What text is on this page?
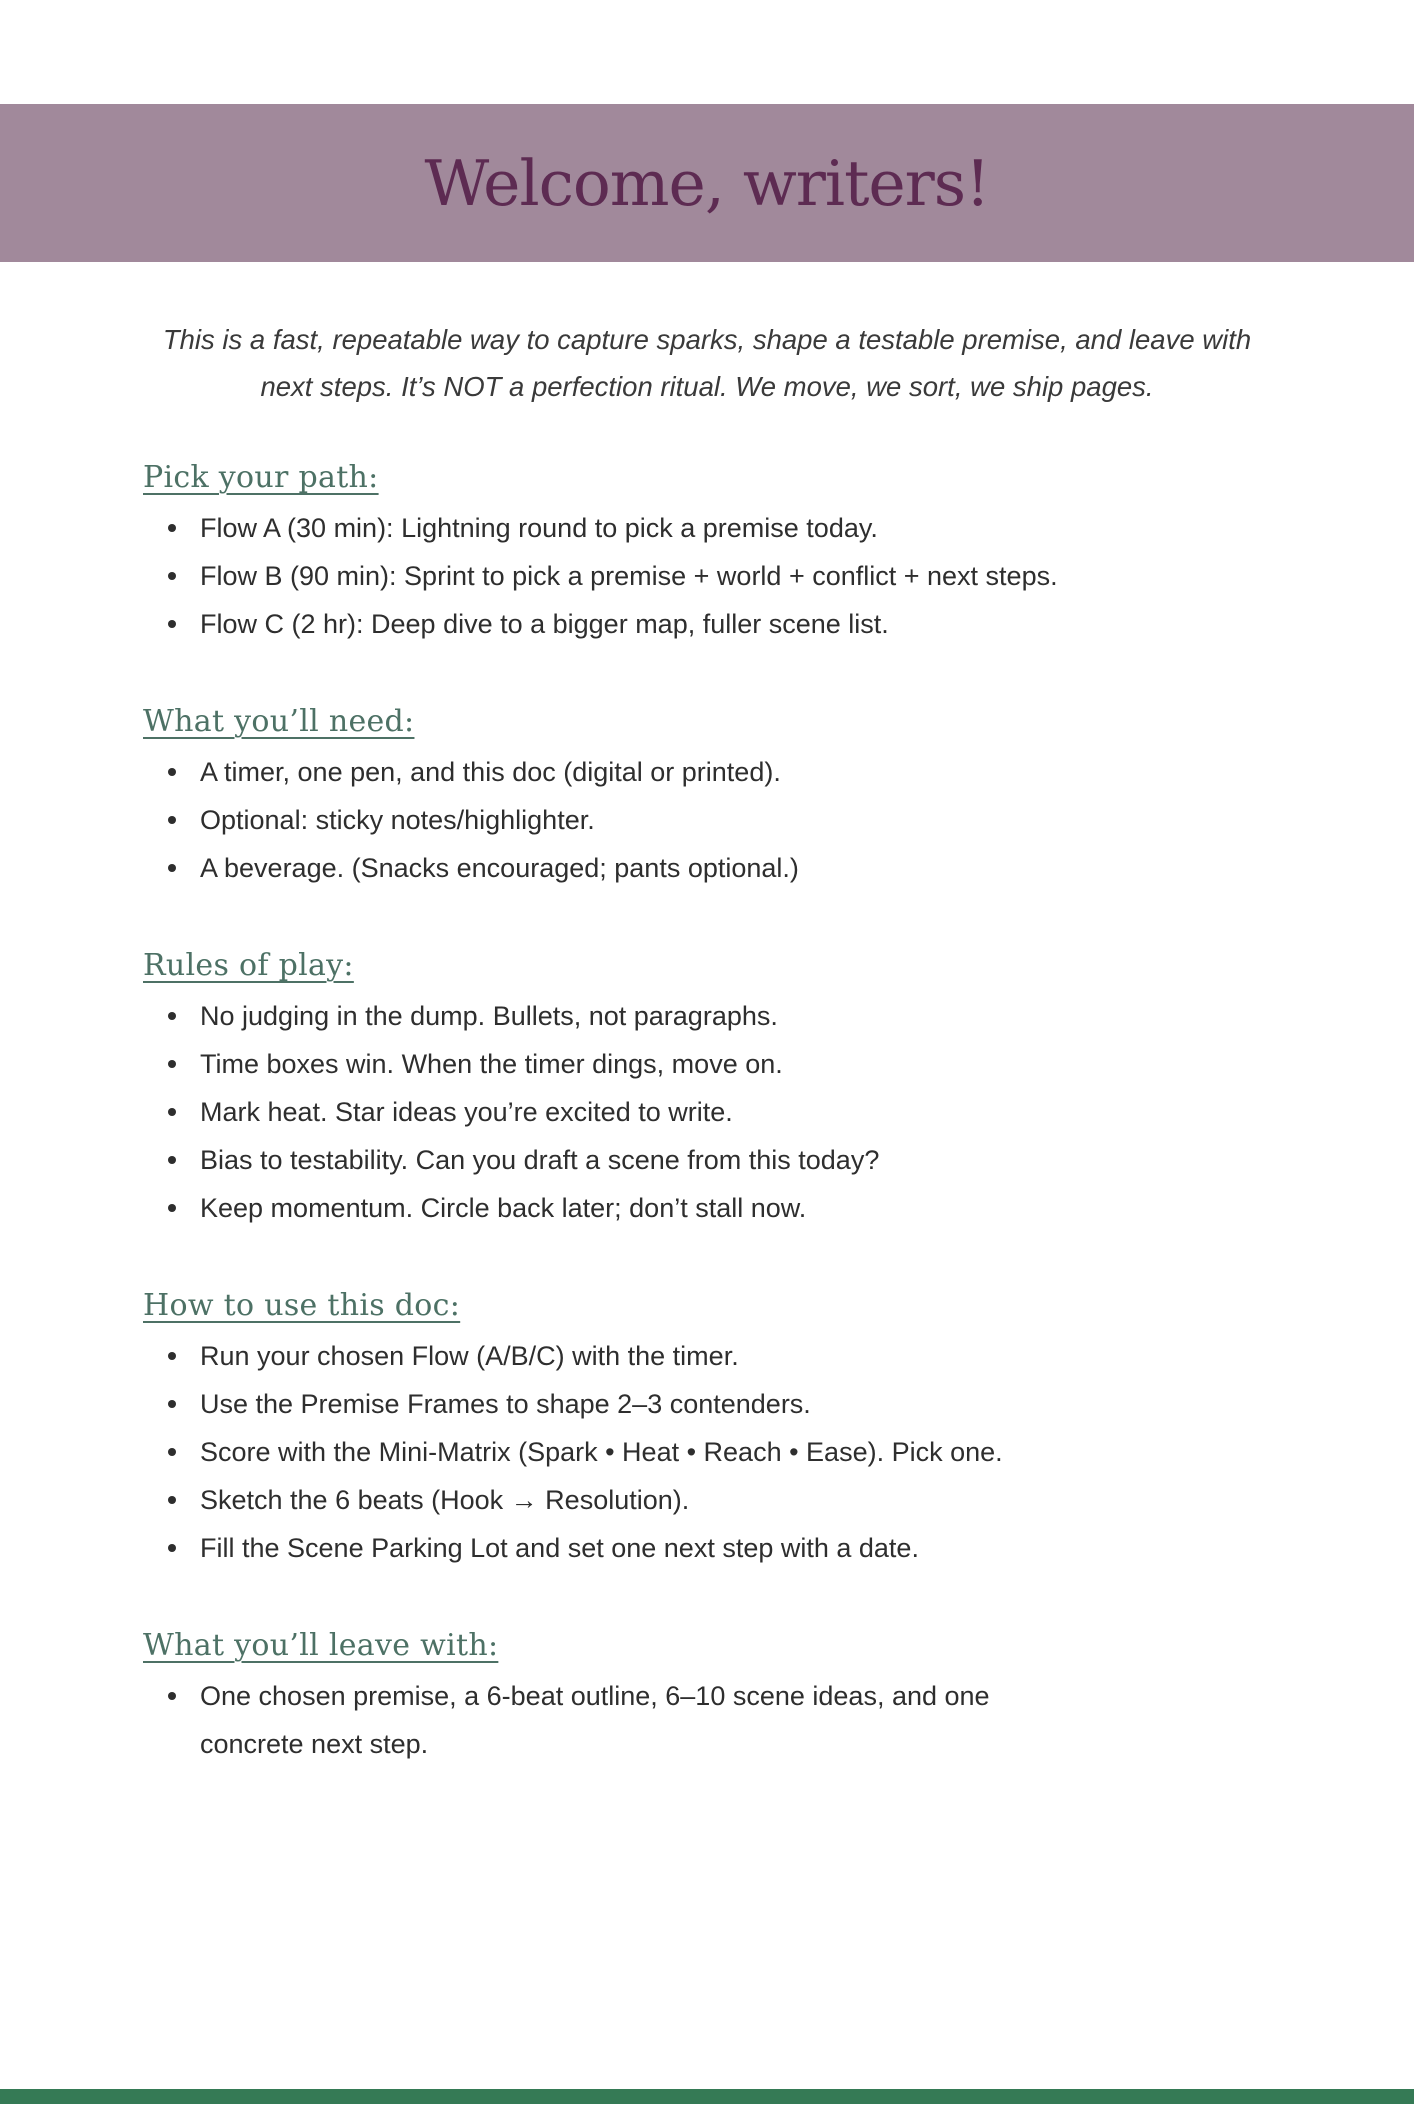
Welcome, writers!

This is a fast, repeatable way to capture sparks, shape a testable premise, and leave with next steps. It’s NOT a perfection ritual. We move, we sort, we ship pages.

Pick your path:
Flow A (30 min): Lightning round to pick a premise today.
Flow B (90 min): Sprint to pick a premise + world + conflict + next steps.
Flow C (2 hr): Deep dive to a bigger map, fuller scene list.
What you’ll need:
A timer, one pen, and this doc (digital or printed).
Optional: sticky notes/highlighter.
A beverage. (Snacks encouraged; pants optional.)
Rules of play:
No judging in the dump. Bullets, not paragraphs.
Time boxes win. When the timer dings, move on.
Mark heat. Star ideas you’re excited to write.
Bias to testability. Can you draft a scene from this today?
Keep momentum. Circle back later; don’t stall now.
How to use this doc:
Run your chosen Flow (A/B/C) with the timer.
Use the Premise Frames to shape 2–3 contenders.
Score with the Mini-Matrix (Spark • Heat • Reach • Ease). Pick one.
Sketch the 6 beats (Hook → Resolution).
Fill the Scene Parking Lot and set one next step with a date.
What you’ll leave with:
One chosen premise, a 6-beat outline, 6–10 scene ideas, and one concrete next step.
